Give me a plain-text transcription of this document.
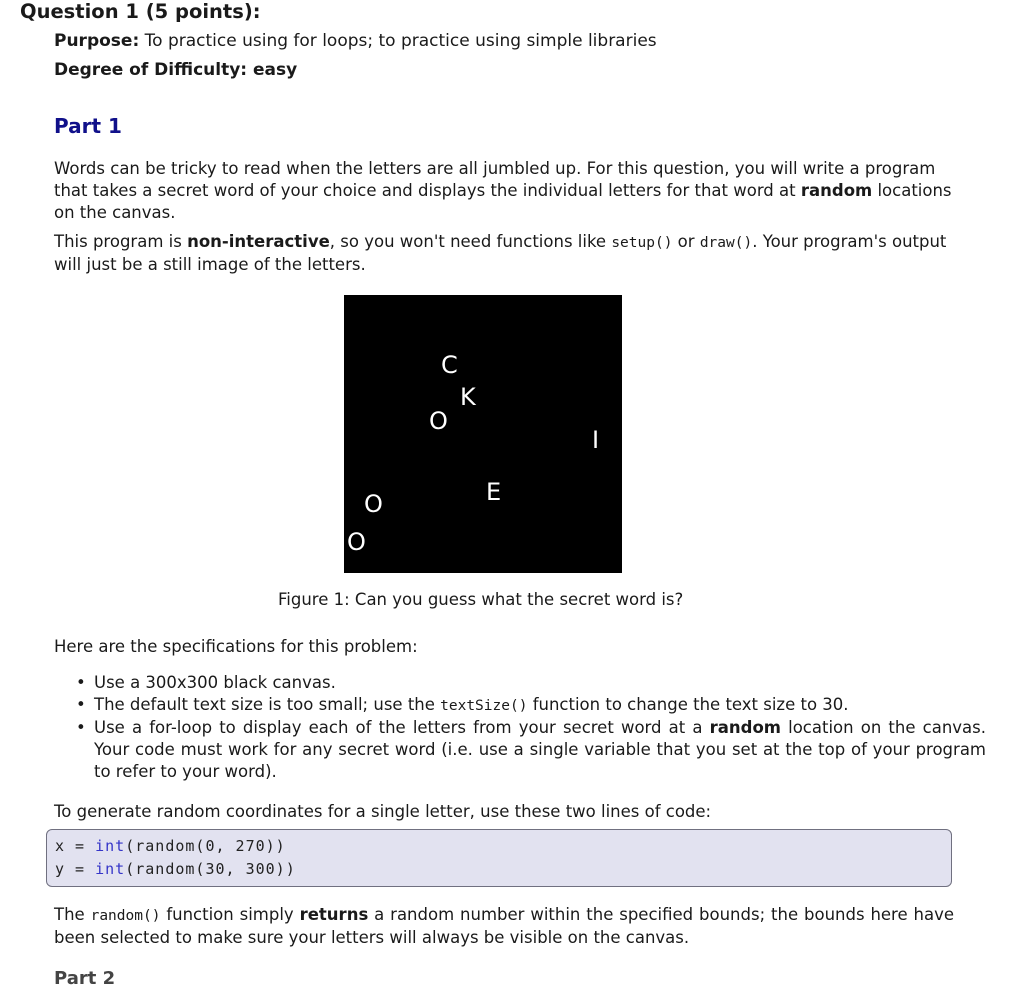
Question 1 (5 points):
Purpose: To practice using for loops; to practice using simple libraries
Degree of Difficulty: easy
Part 1
Words can be tricky to read when the letters are all jumbled up. For this question, you will write a program that takes a secret word of your choice and displays the individual letters for that word at random locations on the canvas.
This program is non-interactive, so you won't need functions like setup() or draw(). Your program's output will just be a still image of the letters.
C
K
O
I
E
O
O
Figure 1: Can you guess what the secret word is?
Here are the specifications for this problem:
• Use a 300x300 black canvas.
• The default text size is too small; use the textSize() function to change the text size to 30.
• Use a for-loop to display each of the letters from your secret word at a random location on the canvas. Your code must work for any secret word (i.e. use a single variable that you set at the top of your program to refer to your word).
To generate random coordinates for a single letter, use these two lines of code:
x = int(random(0, 270))
y = int(random(30, 300))
The random() function simply returns a random number within the specified bounds; the bounds here have been selected to make sure your letters will always be visible on the canvas.
Part 2
